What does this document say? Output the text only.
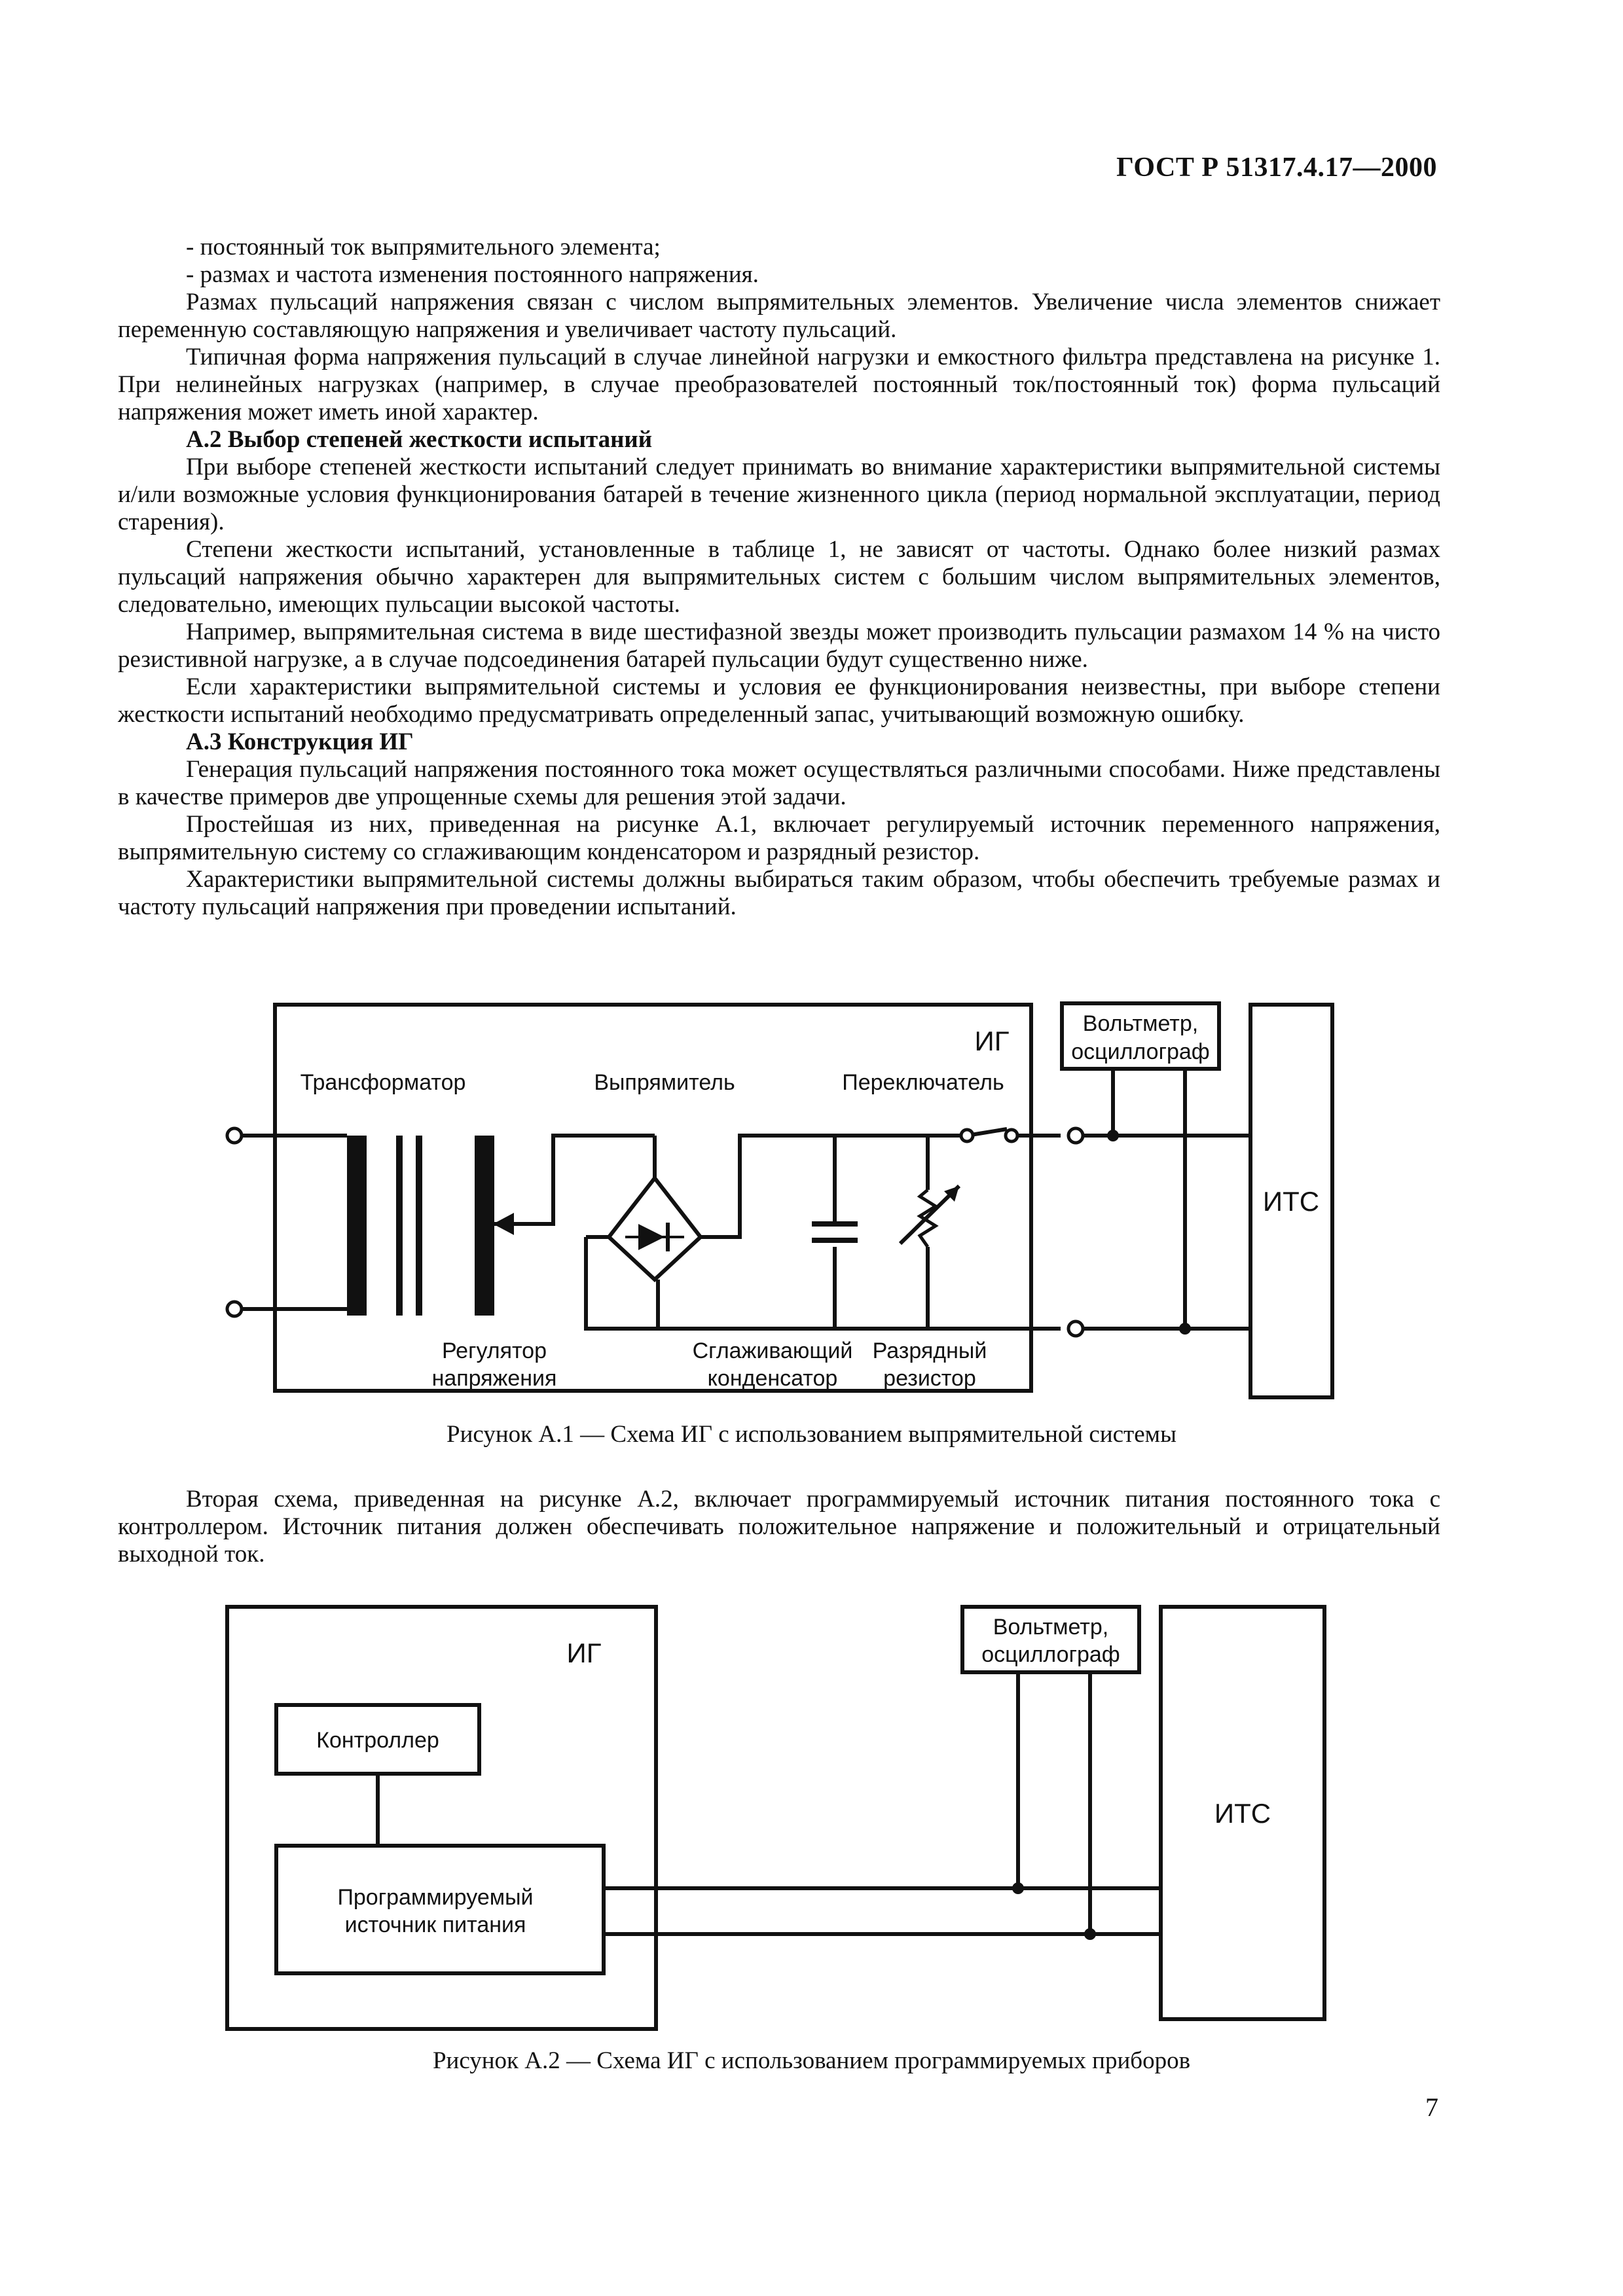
ГОСТ Р 51317.4.17—2000

- постоянный ток выпрямительного элемента;

- размах и частота изменения постоянного напряжения.

Размах пульсаций напряжения связан с числом выпрямительных элементов. Увеличение числа элементов снижает переменную составляющую напряжения и увеличивает частоту пульсаций.

Типичная форма напряжения пульсаций в случае линейной нагрузки и емкостного фильтра представлена на рисунке 1. При нелинейных нагрузках (например, в случае преобразователей постоянный ток/постоянный ток) форма пульсаций напряжения может иметь иной характер.

А.2 Выбор степеней жесткости испытаний

При выборе степеней жесткости испытаний следует принимать во внимание характеристики выпрямительной системы и/или возможные условия функционирования батарей в течение жизненного цикла (период нормальной эксплуатации, период старения).

Степени жесткости испытаний, установленные в таблице 1, не зависят от частоты. Однако более низкий размах пульсаций напряжения обычно характерен для выпрямительных систем с большим числом выпрямительных элементов, следовательно, имеющих пульсации высокой частоты.

Например, выпрямительная система в виде шестифазной звезды может производить пульсации размахом 14 % на чисто резистивной нагрузке, а в случае подсоединения батарей пульсации будут существенно ниже.

Если характеристики выпрямительной системы и условия ее функционирования неизвестны, при выборе степени жесткости испытаний необходимо предусматривать определенный запас, учитывающий возможную ошибку.

А.3 Конструкция ИГ

Генерация пульсаций напряжения постоянного тока может осуществляться различными способами. Ниже представлены в качестве примеров две упрощенные схемы для решения этой задачи.

Простейшая из них, приведенная на рисунке А.1, включает регулируемый источник переменного напряжения, выпрямительную систему со сглаживающим конденсатором и разрядный резистор.

Характеристики выпрямительной системы должны выбираться таким образом, чтобы обеспечить требуемые размах и частоту пульсаций напряжения при проведении испытаний.

ИГ
Трансформатор	Выпрямитель	Переключатель
Вольтметр,
осциллограф
ИТС
Регулятор
напряжения
Сглаживающий
конденсатор
Разрядный
резистор
Рисунок А.1 — Схема ИГ с использованием выпрямительной системы

Вторая схема, приведенная на рисунке А.2, включает программируемый источник питания постоянного тока с контроллером. Источник питания должен обеспечивать положительное напряжение и положительный и отрицательный выходной ток.

ИГ
Контроллер
Программируемый
источник питания
Вольтметр,
осциллограф
ИТС
Рисунок А.2 — Схема ИГ с использованием программируемых приборов
7
